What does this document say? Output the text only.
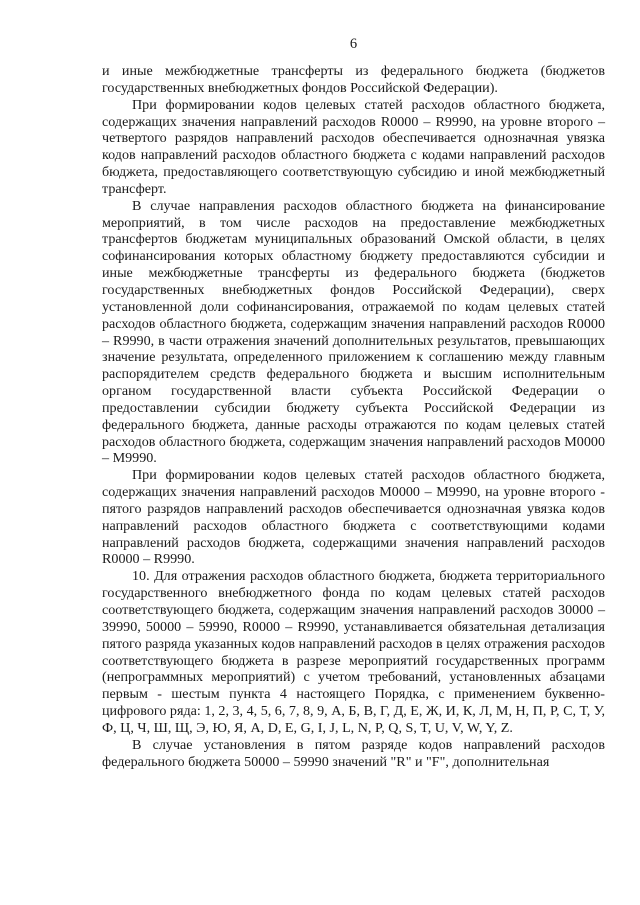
6

и иные межбюджетные трансферты из федерального бюджета (бюджетов государственных внебюджетных фондов Российской Федерации).

При формировании кодов целевых статей расходов областного бюджета, содержащих значения направлений расходов R0000 – R9990, на уровне второго – четвертого разрядов направлений расходов обеспечивается однозначная увязка кодов направлений расходов областного бюджета с кодами направлений расходов бюджета, предоставляющего соответствующую субсидию и иной межбюджетный трансферт.

В случае направления расходов областного бюджета на финансирование мероприятий, в том числе расходов на предоставление межбюджетных трансфертов бюджетам муниципальных образований Омской области, в целях софинансирования которых областному бюджету предоставляются субсидии и иные межбюджетные трансферты из федерального бюджета (бюджетов государственных внебюджетных фондов Российской Федерации), сверх установленной доли софинансирования, отражаемой по кодам целевых статей расходов областного бюджета, содержащим значения направлений расходов R0000 – R9990, в части отражения значений дополнительных результатов, превышающих значение результата, определенного приложением к соглашению между главным распорядителем средств федерального бюджета и высшим исполнительным органом государственной власти субъекта Российской Федерации о предоставлении субсидии бюджету субъекта Российской Федерации из федерального бюджета, данные расходы отражаются по кодам целевых статей расходов областного бюджета, содержащим значения направлений расходов M0000 – M9990.

При формировании кодов целевых статей расходов областного бюджета, содержащих значения направлений расходов M0000 – M9990, на уровне второго - пятого разрядов направлений расходов обеспечивается однозначная увязка кодов направлений расходов областного бюджета с соответствующими кодами направлений расходов бюджета, содержащими значения направлений расходов R0000 – R9990.

10. Для отражения расходов областного бюджета, бюджета территориального государственного внебюджетного фонда по кодам целевых статей расходов соответствующего бюджета, содержащим значения направлений расходов 30000 – 39990, 50000 – 59990, R0000 – R9990, устанавливается обязательная детализация пятого разряда указанных кодов направлений расходов в целях отражения расходов соответствующего бюджета в разрезе мероприятий государственных программ (непрограммных мероприятий) с учетом требований, установленных абзацами первым - шестым пункта 4 настоящего Порядка, с применением буквенно-цифрового ряда: 1, 2, 3, 4, 5, 6, 7, 8, 9, А, Б, В, Г, Д, Е, Ж, И, К, Л, М, Н, П, Р, С, Т, У, Ф, Ц, Ч, Ш, Щ, Э, Ю, Я, A, D, E, G, I, J, L, N, P, Q, S, T, U, V, W, Y, Z.

В случае установления в пятом разряде кодов направлений расходов федерального бюджета 50000 – 59990 значений "R" и "F", дополнительная
